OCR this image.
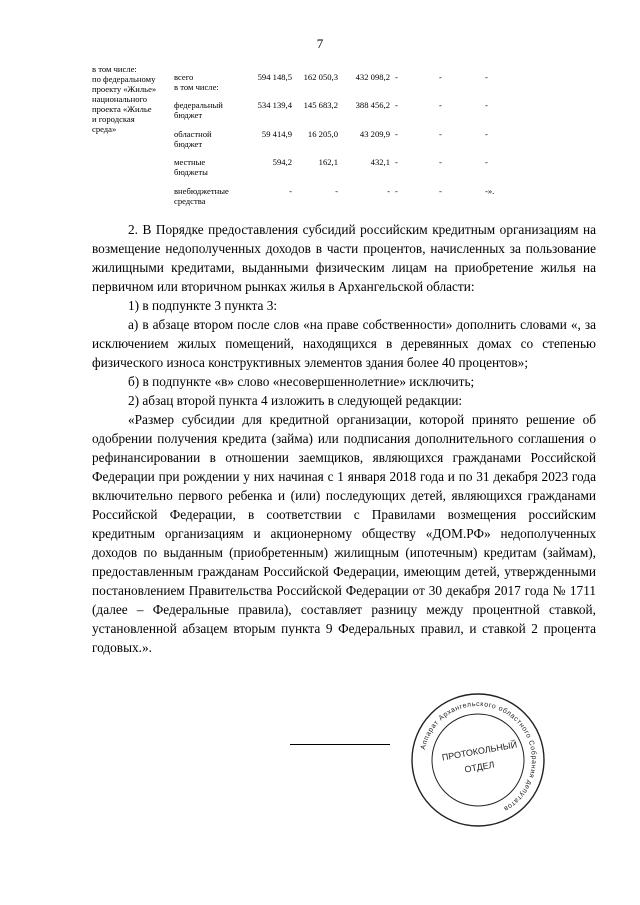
7
в том числе:
по федеральному
проекту «Жилье»
национального
проекта «Жилье
и городская
среда»
всего
в том числе:
594 148,5	162 050,3	432 098,2 -	-	-
федеральный
бюджет
534 139,4	145 683,2	388 456,2 -	-	-
областной
бюджет
59 414,9	16 205,0	43 209,9 -	-	-
местные
бюджеты
594,2	162,1	432,1 -	-	-
внебюджетные
средства
-	-	- -	-	-».

2. В Порядке предоставления субсидий российским кредитным организациям на возмещение недополученных доходов в части процентов, начисленных за пользование жилищными кредитами, выданными физическим лицам на приобретение жилья на первичном или вторичном рынках жилья в Архангельской области:

1) в подпункте 3 пункта 3:

а) в абзаце втором после слов «на праве собственности» дополнить словами «, за исключением жилых помещений, находящихся в деревянных домах со степенью физического износа конструктивных элементов здания более 40 процентов»;

б) в подпункте «в» слово «несовершеннолетние» исключить;

2) абзац второй пункта 4 изложить в следующей редакции:

«Размер субсидии для кредитной организации, которой принято решение об одобрении получения кредита (займа) или подписания дополнительного соглашения о рефинансировании в отношении заемщиков, являющихся гражданами Российской Федерации при рождении у них начиная с 1 января 2018 года и по 31 декабря 2023 года включительно первого ребенка и (или) последующих детей, являющихся гражданами Российской Федерации, в соответствии с Правилами возмещения российским кредитным организациям и акционерному обществу «ДОМ.РФ» недополученных доходов по выданным (приобретенным) жилищным (ипотечным) кредитам (займам), предоставленным гражданам Российской Федерации, имеющим детей, утвержденными постановлением Правительства Российской Федерации от 30 декабря 2017 года № 1711 (далее – Федеральные правила), составляет разницу между процентной ставкой, установленной абзацем вторым пункта 9 Федеральных правил, и ставкой 2 процента годовых.».

Аппарат Архангельского областного Собрания депутатов
ПРОТОКОЛЬНЫЙ
ОТДЕЛ
